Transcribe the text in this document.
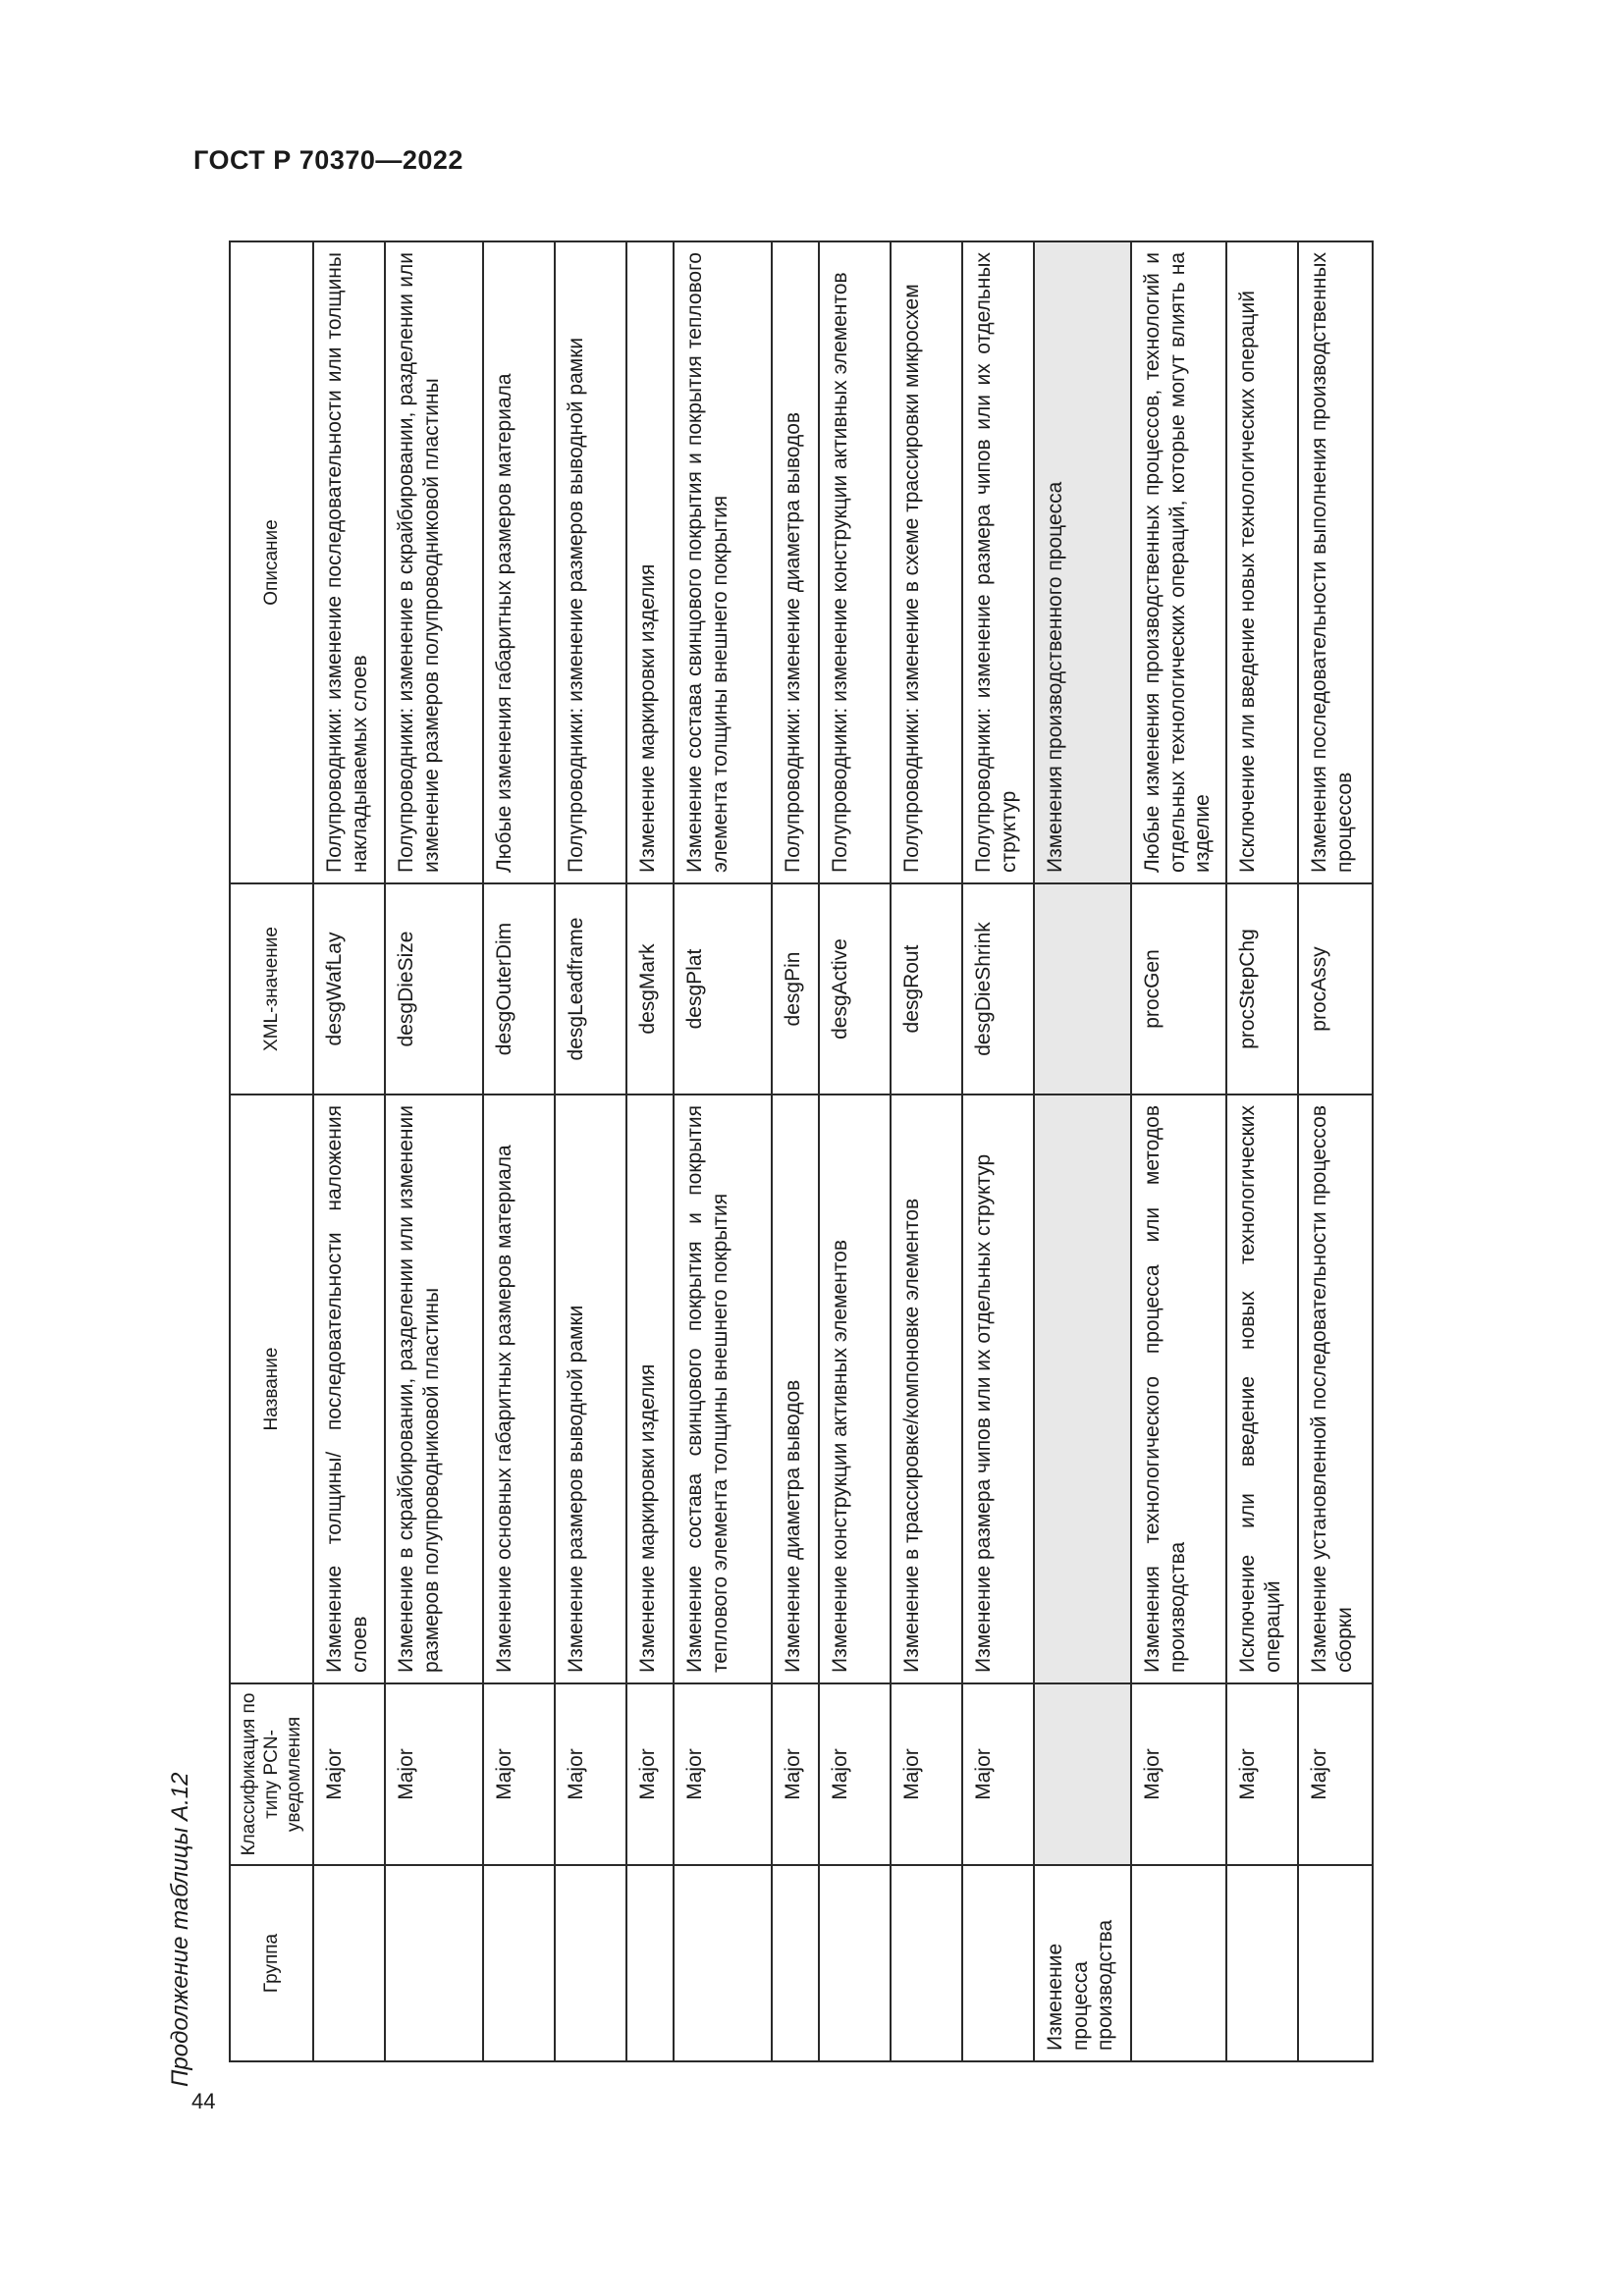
ГОСТ Р 70370—2022
44
Продолжение таблицы А.12	Группа	Классификация по типу PCN-уведомления	Название	XML-значение	Описание
	Major	Изменение толщины/ последовательности наложения слоев	desgWafLay	Полупроводники: изменение последовательности или толщины накладываемых слоев
	Major	Изменение в скрайбировании, разделении или изменении размеров полупроводниковой пластины	desgDieSize	Полупроводники: изменение в скрайбировании, разделении или изменение размеров полупроводниковой пластины
	Major	Изменение основных габаритных размеров материала	desgOuterDim	Любые изменения габаритных размеров материала
	Major	Изменение размеров выводной рамки	desgLeadframe	Полупроводники: изменение размеров выводной рамки
	Major	Изменение маркировки изделия	desgMark	Изменение маркировки изделия
	Major	Изменение состава свинцового покрытия и покрытия теплового элемента толщины внешнего покрытия	desgPlat	Изменение состава свинцового покрытия и покрытия теплового элемента толщины внешнего покрытия
	Major	Изменение диаметра выводов	desgPin	Полупроводники: изменение диаметра выводов
	Major	Изменение конструкции активных элементов	desgActive	Полупроводники: изменение конструкции активных элементов
	Major	Изменение в трассировке/компоновке элементов	desgRout	Полупроводники: изменение в схеме трассировки микросхем
	Major	Изменение размера чипов или их отдельных структур	desgDieShrink	Полупроводники: изменение размера чипов или их отдельных структур
Изменение процесса производства				Изменения производственного процесса
	Major	Изменения технологического процесса или методов производства	procGen	Любые изменения производственных процессов, технологий и отдельных технологических операций, которые могут влиять на изделие
	Major	Исключение или введение новых технологических операций	procStepChg	Исключение или введение новых технологических операций
	Major	Изменение установленной последовательности процессов сборки	procAssy	Изменения последовательности выполнения производственных процессов
